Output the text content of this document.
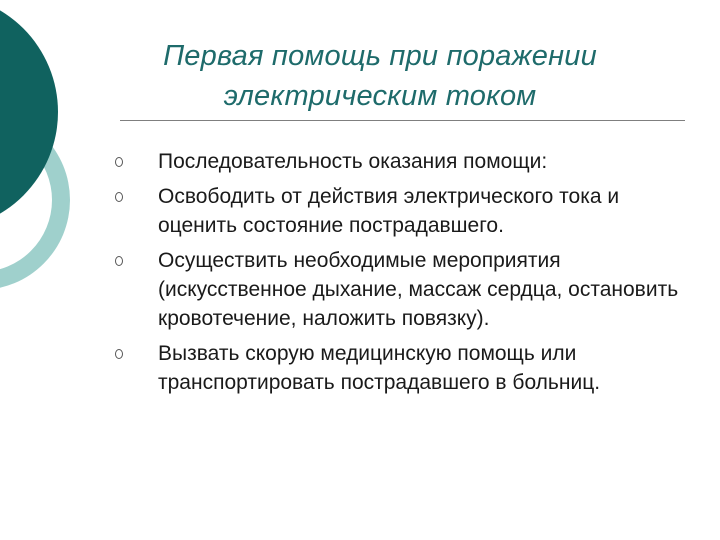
Первая помощь при поражении
электрическим током
Последовательность оказания помощи:
Освободить от действия электрического тока и оценить состояние пострадавшего.
Осуществить необходимые мероприятия (искусственное дыхание, массаж сердца, остановить кровотечение, наложить повязку).
Вызвать скорую медицинскую помощь или транспортировать пострадавшего в больниц.
